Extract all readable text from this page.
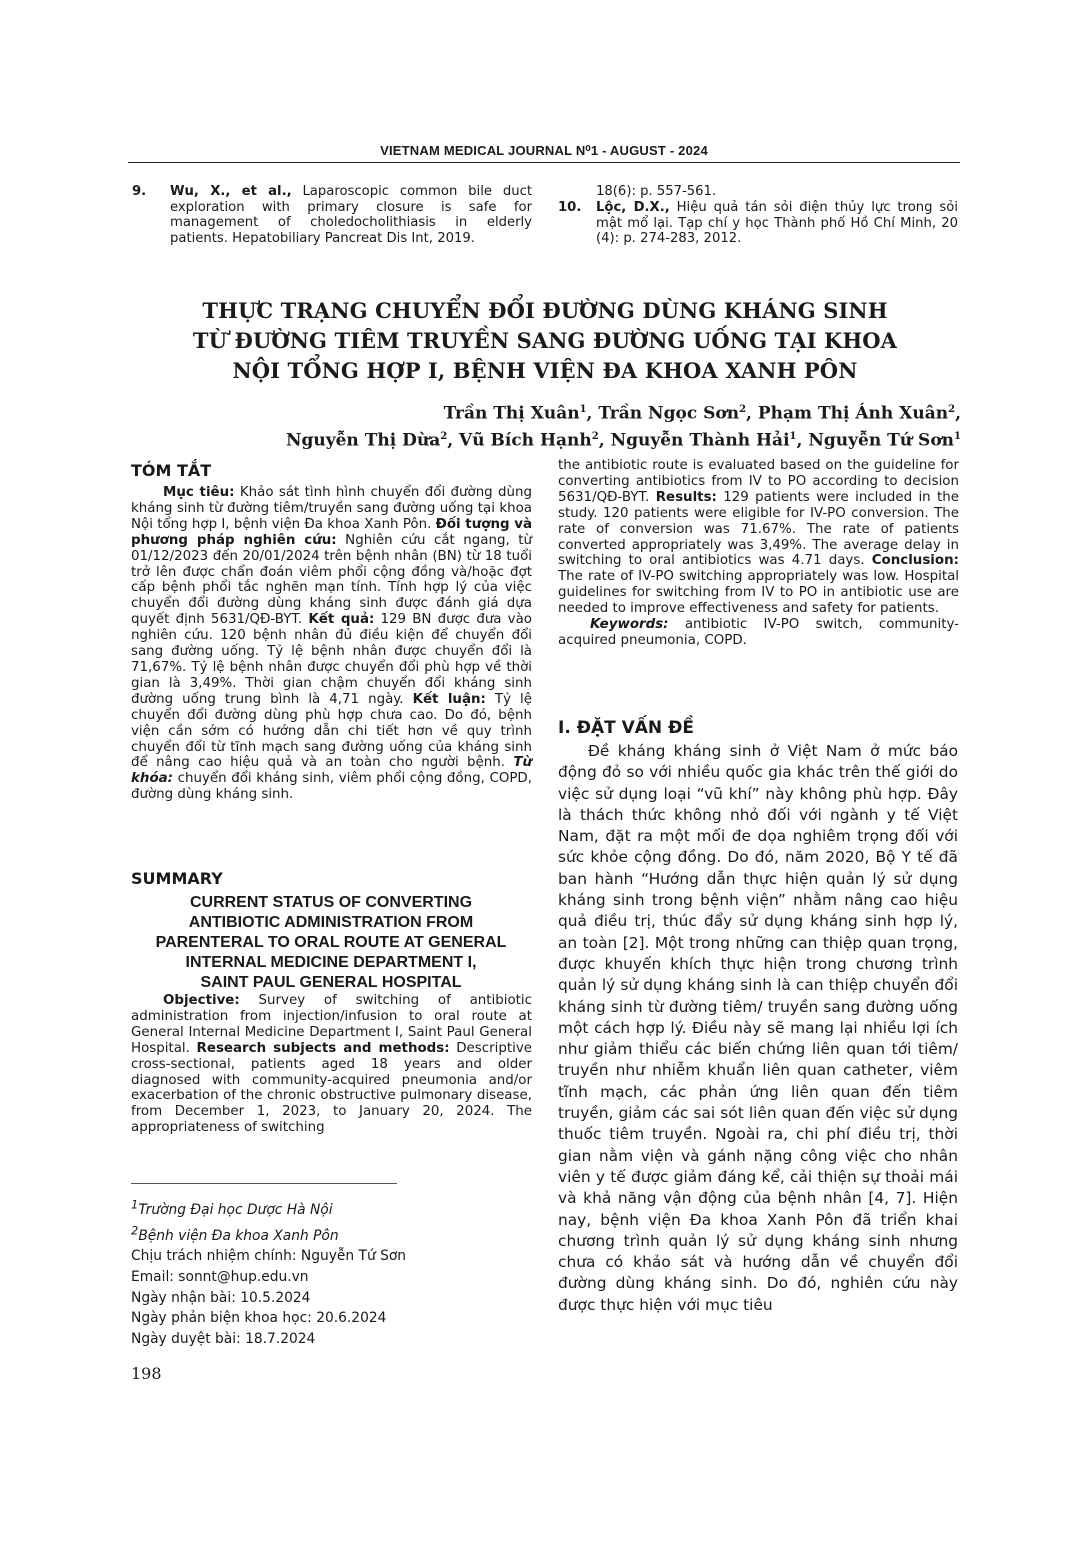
VIETNAM MEDICAL JOURNAL N⁰1 - AUGUST - 2024
9. Wu, X., et al., Laparoscopic common bile duct exploration with primary closure is safe for management of choledocholithiasis in elderly patients. Hepatobiliary Pancreat Dis Int, 2019.
18(6): p. 557-561.
10. Lộc, D.X., Hiệu quả tán sỏi điện thủy lực trong sỏi mật mổ lại. Tạp chí y học Thành phố Hồ Chí Minh, 20 (4): p. 274-283, 2012.
THỰC TRẠNG CHUYỂN ĐỔI ĐƯỜNG DÙNG KHÁNG SINH
TỪ ĐƯỜNG TIÊM TRUYỀN SANG ĐƯỜNG UỐNG TẠI KHOA
NỘI TỔNG HỢP I, BỆNH VIỆN ĐA KHOA XANH PÔN
Trần Thị Xuân$^1$, Trần Ngọc Sơn$^2$, Phạm Thị Ánh Xuân$^2$,
Nguyễn Thị Dừa$^2$, Vũ Bích Hạnh$^2$, Nguyễn Thành Hải$^1$, Nguyễn Tứ Sơn$^1$
TÓM TẮT

Mục tiêu: Khảo sát tình hình chuyển đổi đường dùng kháng sinh từ đường tiêm/truyền sang đường uống tại khoa Nội tổng hợp I, bệnh viện Đa khoa Xanh Pôn. Đối tượng và phương pháp nghiên cứu: Nghiên cứu cắt ngang, từ 01/12/2023 đến 20/01/2024 trên bệnh nhân (BN) từ 18 tuổi trở lên được chẩn đoán viêm phổi cộng đồng và/hoặc đợt cấp bệnh phổi tắc nghẽn mạn tính. Tính hợp lý của việc chuyển đổi đường dùng kháng sinh được đánh giá dựa quyết định 5631/QĐ-BYT. Kết quả: 129 BN được đưa vào nghiên cứu. 120 bệnh nhân đủ điều kiện để chuyển đổi sang đường uống. Tỷ lệ bệnh nhân được chuyển đổi là 71,67%. Tỷ lệ bệnh nhân được chuyển đổi phù hợp về thời gian là 3,49%. Thời gian chậm chuyển đổi kháng sinh đường uống trung bình là 4,71 ngày. Kết luận: Tỷ lệ chuyển đổi đường dùng phù hợp chưa cao. Do đó, bệnh viện cần sớm có hướng dẫn chi tiết hơn về quy trình chuyển đổi từ tĩnh mạch sang đường uống của kháng sinh để nâng cao hiệu quả và an toàn cho người bệnh. Từ khóa: chuyển đổi kháng sinh, viêm phổi cộng đồng, COPD, đường dùng kháng sinh.

SUMMARY
CURRENT STATUS OF CONVERTING
ANTIBIOTIC ADMINISTRATION FROM
PARENTERAL TO ORAL ROUTE AT GENERAL
INTERNAL MEDICINE DEPARTMENT I,
SAINT PAUL GENERAL HOSPITAL

Objective: Survey of switching of antibiotic administration from injection/infusion to oral route at General Internal Medicine Department I, Saint Paul General Hospital. Research subjects and methods: Descriptive cross-sectional, patients aged 18 years and older diagnosed with community-acquired pneumonia and/or exacerbation of the chronic obstructive pulmonary disease, from December 1, 2023, to January 20, 2024. The appropriateness of switching

the antibiotic route is evaluated based on the guideline for converting antibiotics from IV to PO according to decision 5631/QĐ-BYT. Results: 129 patients were included in the study. 120 patients were eligible for IV-PO conversion. The rate of conversion was 71.67%. The rate of patients converted appropriately was 3,49%. The average delay in switching to oral antibiotics was 4.71 days. Conclusion: The rate of IV-PO switching appropriately was low. Hospital guidelines for switching from IV to PO in antibiotic use are needed to improve effectiveness and safety for patients.

Keywords: antibiotic IV-PO switch, community-acquired pneumonia, COPD.

I. ĐẶT VẤN ĐỀ

Đề kháng kháng sinh ở Việt Nam ở mức báo động đỏ so với nhiều quốc gia khác trên thế giới do việc sử dụng loại “vũ khí” này không phù hợp. Đây là thách thức không nhỏ đối với ngành y tế Việt Nam, đặt ra một mối đe dọa nghiêm trọng đối với sức khỏe cộng đồng. Do đó, năm 2020, Bộ Y tế đã ban hành “Hướng dẫn thực hiện quản lý sử dụng kháng sinh trong bệnh viện” nhằm nâng cao hiệu quả điều trị, thúc đẩy sử dụng kháng sinh hợp lý, an toàn [2]. Một trong những can thiệp quan trọng, được khuyến khích thực hiện trong chương trình quản lý sử dụng kháng sinh là can thiệp chuyển đổi kháng sinh từ đường tiêm/ truyền sang đường uống một cách hợp lý. Điều này sẽ mang lại nhiều lợi ích như giảm thiểu các biến chứng liên quan tới tiêm/ truyền như nhiễm khuẩn liên quan catheter, viêm tĩnh mạch, các phản ứng liên quan đến tiêm truyền, giảm các sai sót liên quan đến việc sử dụng thuốc tiêm truyền. Ngoài ra, chi phí điều trị, thời gian nằm viện và gánh nặng công việc cho nhân viên y tế được giảm đáng kể, cải thiện sự thoải mái và khả năng vận động của bệnh nhân [4, 7]. Hiện nay, bệnh viện Đa khoa Xanh Pôn đã triển khai chương trình quản lý sử dụng kháng sinh nhưng chưa có khảo sát và hướng dẫn về chuyển đổi đường dùng kháng sinh. Do đó, nghiên cứu này được thực hiện với mục tiêu

$^1$Trường Đại học Dược Hà Nội
$^2$Bệnh viện Đa khoa Xanh Pôn
Chịu trách nhiệm chính: Nguyễn Tứ Sơn
Email: sonnt@hup.edu.vn
Ngày nhận bài: 10.5.2024
Ngày phản biện khoa học: 20.6.2024
Ngày duyệt bài: 18.7.2024
198
